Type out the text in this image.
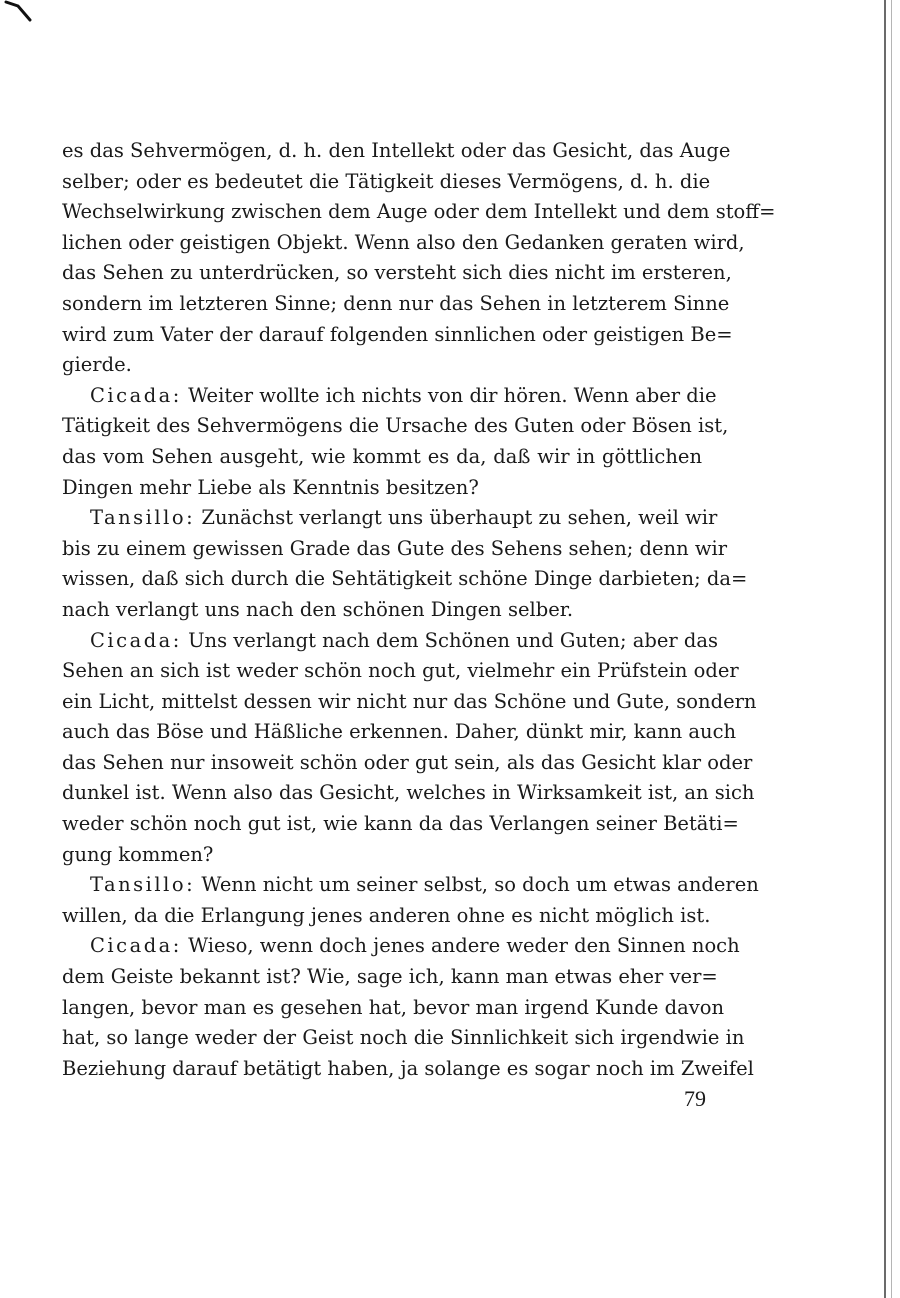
es das Sehvermögen, d. h. den Intellekt oder das Gesicht, das Auge
selber; oder es bedeutet die Tätigkeit dieses Vermögens, d. h. die
Wechselwirkung zwischen dem Auge oder dem Intellekt und dem stoff=
lichen oder geistigen Objekt. Wenn also den Gedanken geraten wird,
das Sehen zu unterdrücken, so versteht sich dies nicht im ersteren,
sondern im letzteren Sinne; denn nur das Sehen in letzterem Sinne
wird zum Vater der darauf folgenden sinnlichen oder geistigen Be=
gierde.
Cicada: Weiter wollte ich nichts von dir hören. Wenn aber die
Tätigkeit des Sehvermögens die Ursache des Guten oder Bösen ist,
das vom Sehen ausgeht, wie kommt es da, daß wir in göttlichen
Dingen mehr Liebe als Kenntnis besitzen?
Tansillo: Zunächst verlangt uns überhaupt zu sehen, weil wir
bis zu einem gewissen Grade das Gute des Sehens sehen; denn wir
wissen, daß sich durch die Sehtätigkeit schöne Dinge darbieten; da=
nach verlangt uns nach den schönen Dingen selber.
Cicada: Uns verlangt nach dem Schönen und Guten; aber das
Sehen an sich ist weder schön noch gut, vielmehr ein Prüfstein oder
ein Licht, mittelst dessen wir nicht nur das Schöne und Gute, sondern
auch das Böse und Häßliche erkennen. Daher, dünkt mir, kann auch
das Sehen nur insoweit schön oder gut sein, als das Gesicht klar oder
dunkel ist. Wenn also das Gesicht, welches in Wirksamkeit ist, an sich
weder schön noch gut ist, wie kann da das Verlangen seiner Betäti=
gung kommen?
Tansillo: Wenn nicht um seiner selbst, so doch um etwas anderen
willen, da die Erlangung jenes anderen ohne es nicht möglich ist.
Cicada: Wieso, wenn doch jenes andere weder den Sinnen noch
dem Geiste bekannt ist? Wie, sage ich, kann man etwas eher ver=
langen, bevor man es gesehen hat, bevor man irgend Kunde davon
hat, so lange weder der Geist noch die Sinnlichkeit sich irgendwie in
Beziehung darauf betätigt haben, ja solange es sogar noch im Zweifel
79
